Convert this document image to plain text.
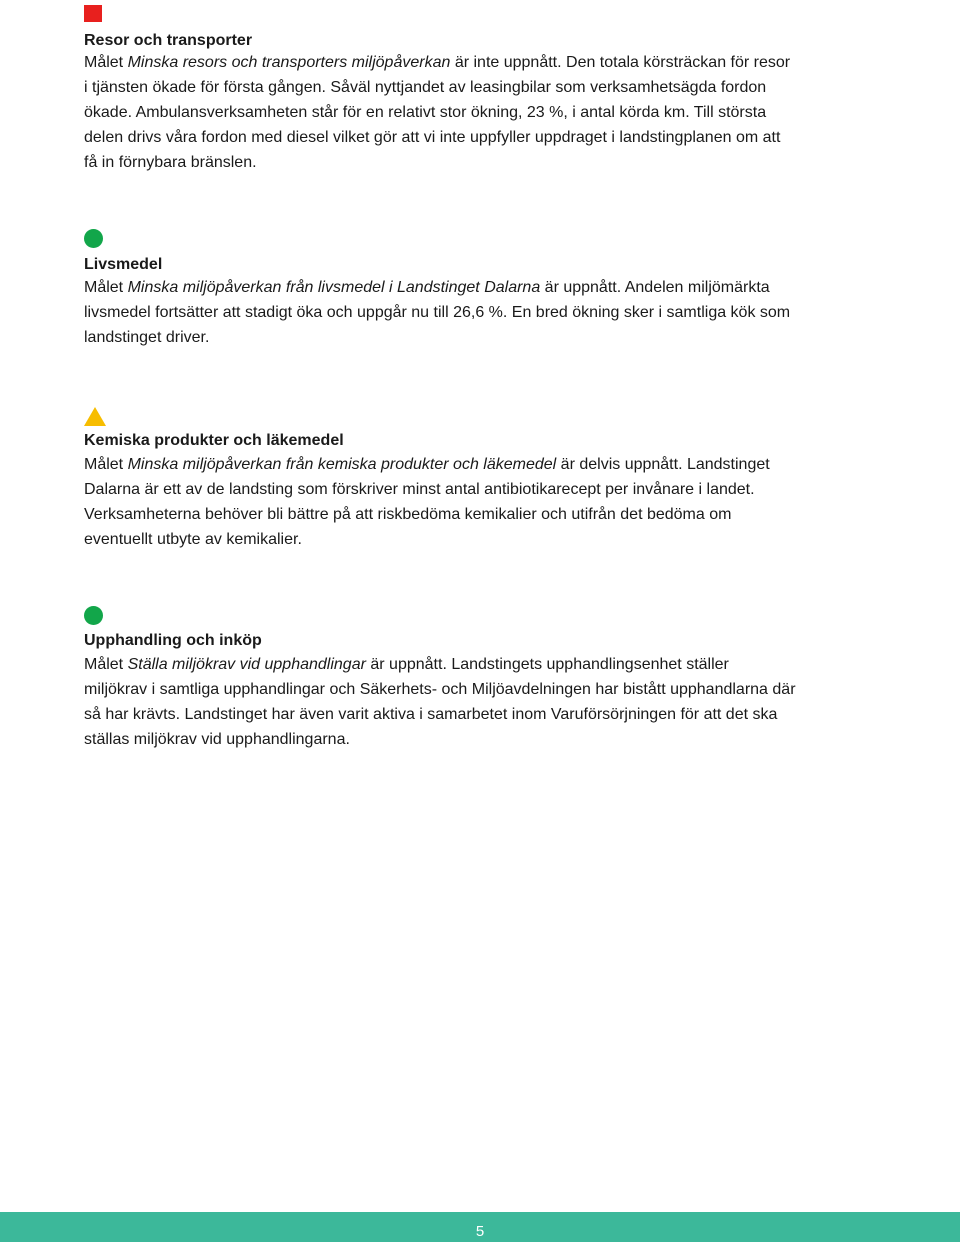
Resor och transporter
Målet Minska resors och transporters miljöpåverkan är inte uppnått. Den totala körsträckan för resor
i tjänsten ökade för första gången. Såväl nyttjandet av leasingbilar som verksamhetsägda fordon
ökade. Ambulansverksamheten står för en relativt stor ökning, 23 %, i antal körda km. Till största
delen drivs våra fordon med diesel vilket gör att vi inte uppfyller uppdraget i landstingplanen om att
få in förnybara bränslen.
Livsmedel
Målet Minska miljöpåverkan från livsmedel i Landstinget Dalarna är uppnått. Andelen miljömärkta
livsmedel fortsätter att stadigt öka och uppgår nu till 26,6 %. En bred ökning sker i samtliga kök som
landstinget driver.
Kemiska produkter och läkemedel
Målet Minska miljöpåverkan från kemiska produkter och läkemedel är delvis uppnått. Landstinget
Dalarna är ett av de landsting som förskriver minst antal antibiotikarecept per invånare i landet.
Verksamheterna behöver bli bättre på att riskbedöma kemikalier och utifrån det bedöma om
eventuellt utbyte av kemikalier.
Upphandling och inköp
Målet Ställa miljökrav vid upphandlingar är uppnått. Landstingets upphandlingsenhet ställer
miljökrav i samtliga upphandlingar och Säkerhets- och Miljöavdelningen har bistått upphandlarna där
så har krävts. Landstinget har även varit aktiva i samarbetet inom Varuförsörjningen för att det ska
ställas miljökrav vid upphandlingarna.
5
